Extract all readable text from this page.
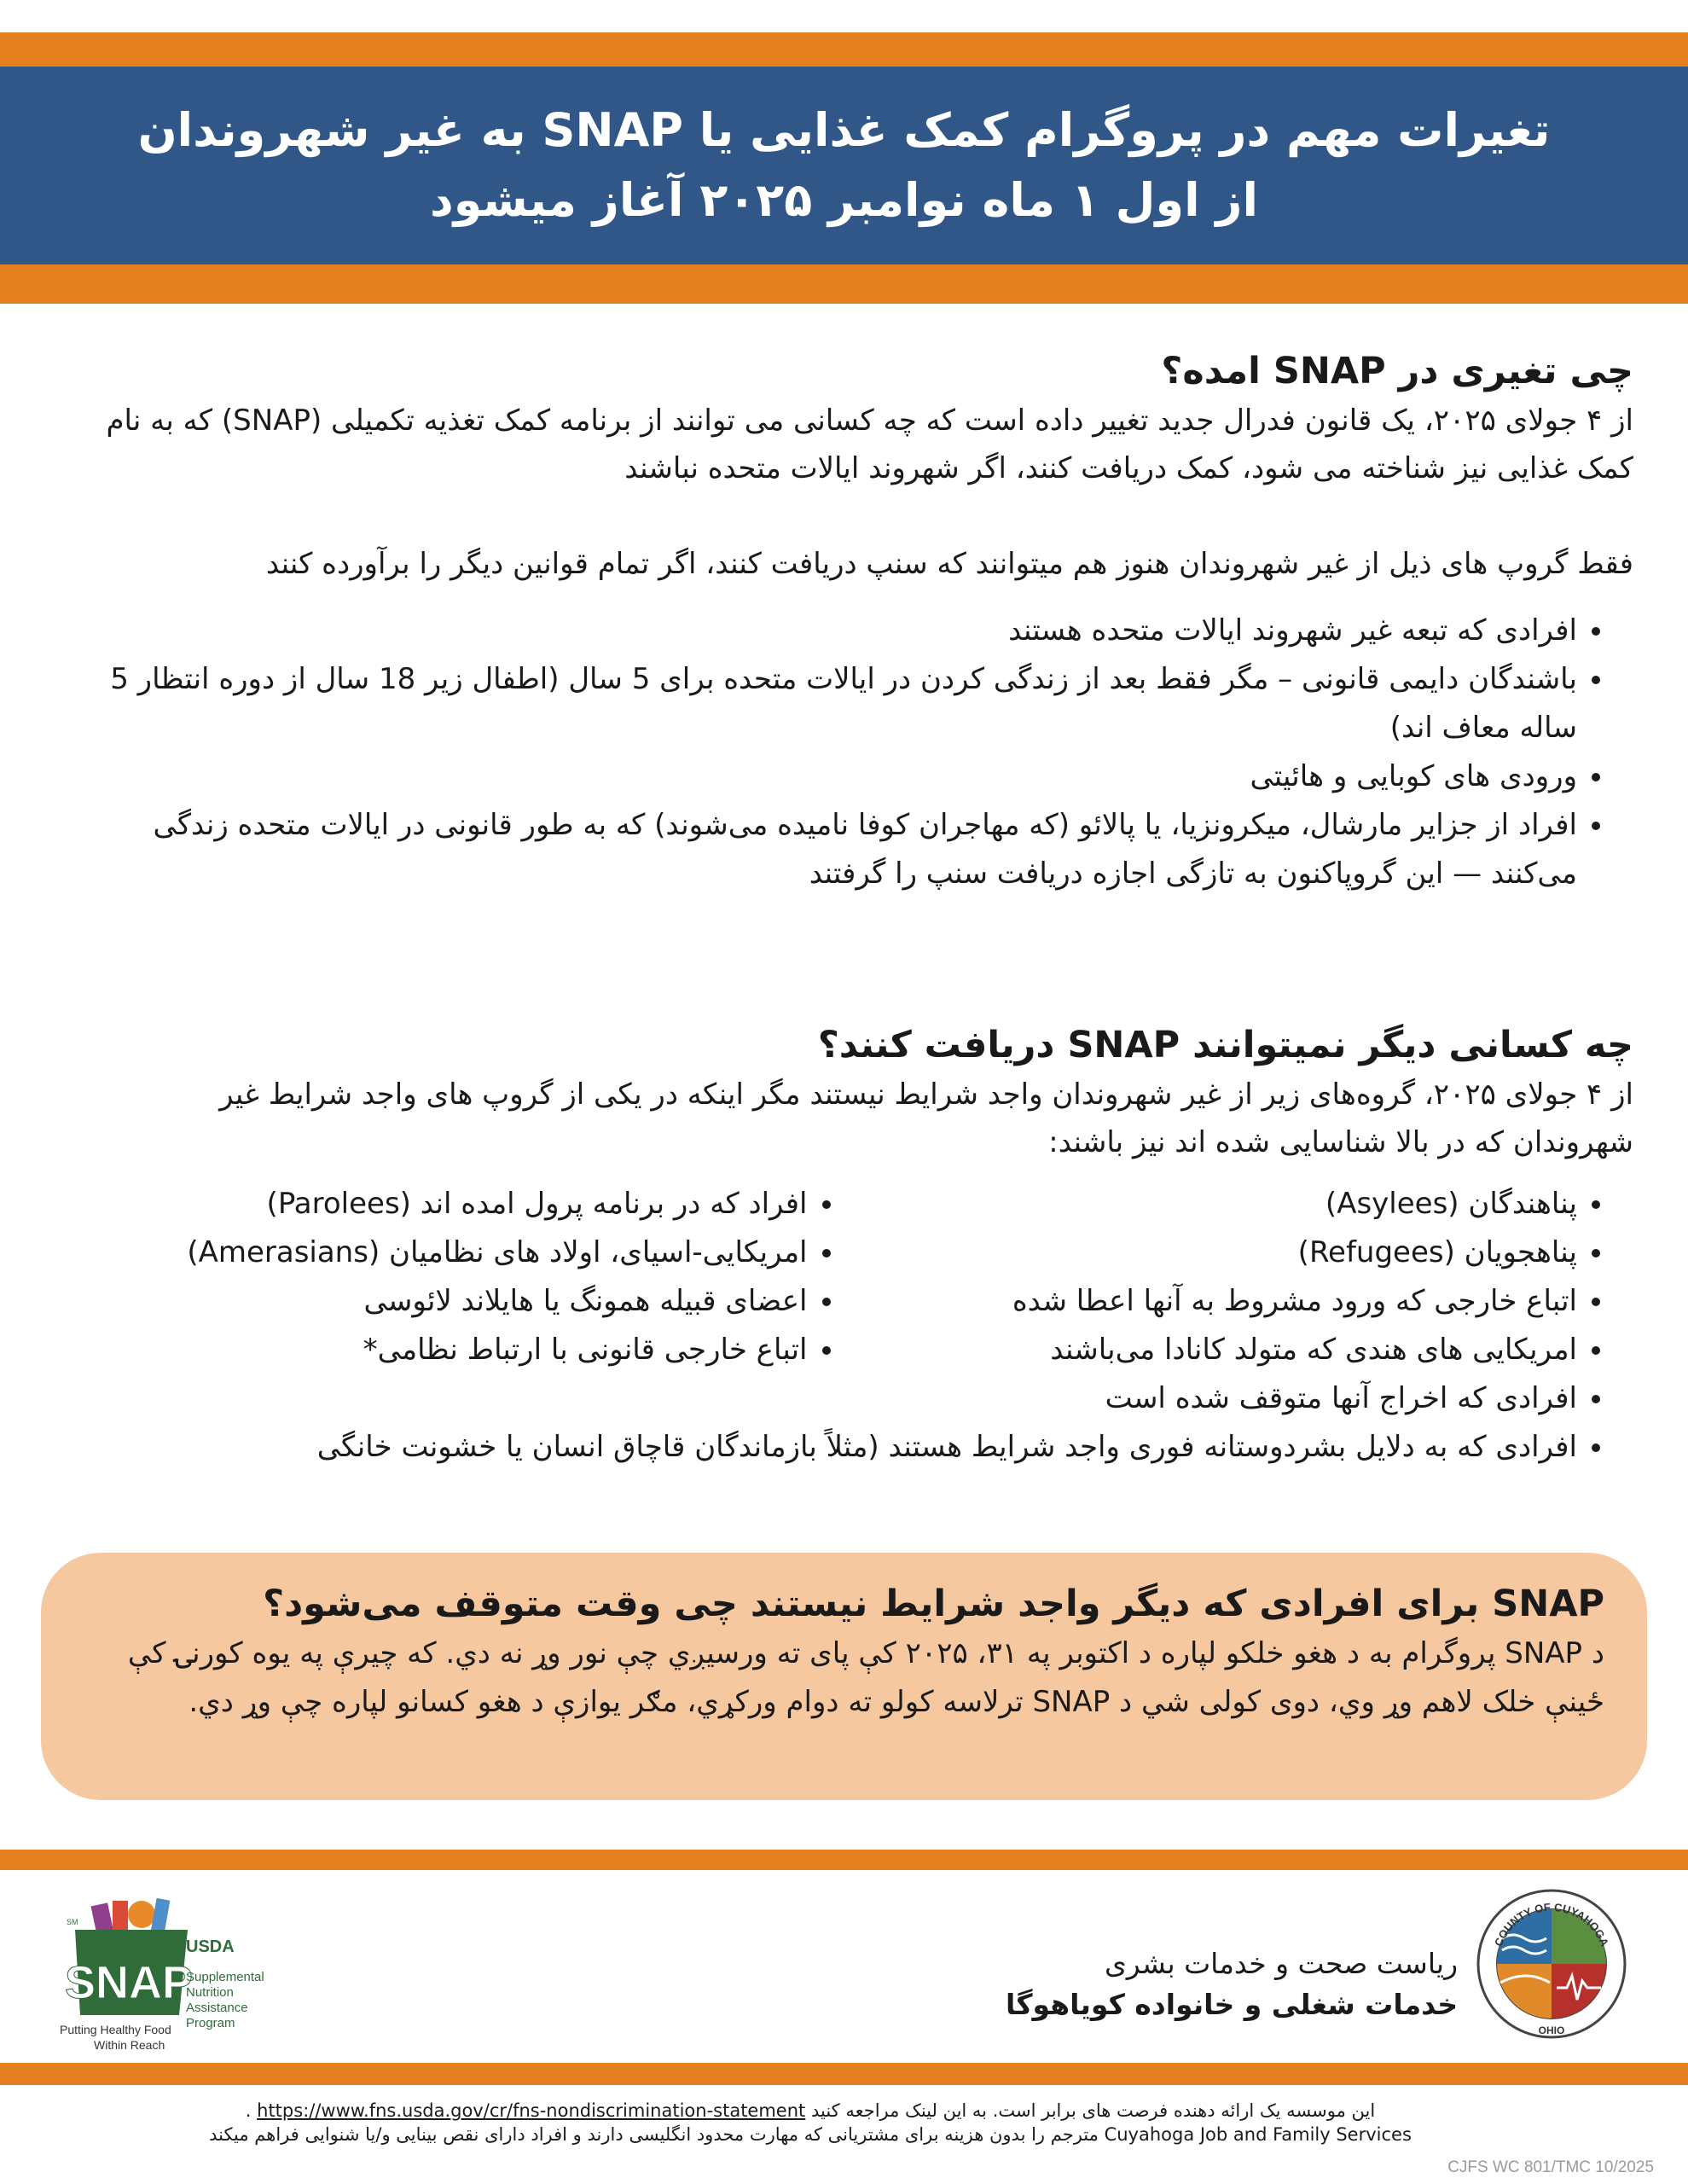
تغیرات مهم در پروگرام کمک غذایی یا SNAP به غیر شهروندان
از اول ۱ ماه نوامبر ۲۰۲۵ آغاز میشود
چی تغیری در SNAP امده؟

از ۴ جولای ۲۰۲۵، یک قانون فدرال جدید تغییر داده است که چه کسانی می توانند از برنامه کمک تغذیه تکمیلی (SNAP) که به نام کمک غذایی نیز شناخته می شود، کمک دریافت کنند، اگر شهروند ایالات متحده نباشند

فقط گروپ های ذیل از غیر شهروندان هنوز هم میتوانند که سنپ دریافت کنند، اگر تمام قوانین دیگر را برآورده کنند

• افرادی که تبعه غیر شهروند ایالات متحده هستند
• باشندگان دایمی قانونی – مگر فقط بعد از زندگی کردن در ایالات متحده برای 5 سال (اطفال زیر 18 سال از دوره انتظار 5 ساله معاف اند)
• ورودی های کوبایی و هائیتی
• افراد از جزایر مارشال، میکرونزیا، یا پالائو (که مهاجران کوفا نامیده می‌شوند) که به طور قانونی در ایالات متحده زندگی می‌کنند — این گروپاکنون به تازگی اجازه دریافت سنپ را گرفتند
چه کسانی دیگر نمیتوانند SNAP دریافت کنند؟

از ۴ جولای ۲۰۲۵، گروه‌های زیر از غیر شهروندان واجد شرایط نیستند مگر اینکه در یکی از گروپ های واجد شرایط غیر شهروندان که در بالا شناسایی شده اند نیز باشند:

• پناهندگان (Asylees)
• پناهجویان (Refugees)
• اتباع خارجی که ورود مشروط به آنها اعطا شده
• امریکایی های هندی که متولد کانادا می‌باشند
• افراد که در برنامه پرول امده اند (Parolees)
• امریکایی-اسیای، اولاد های نظامیان (Amerasians)
• اعضای قبیله همونگ یا هایلاند لائوسی
• اتباع خارجی قانونی با ارتباط نظامی*
• افرادی که اخراج آنها متوقف شده است
• افرادی که به دلایل بشردوستانه فوری واجد شرایط هستند (مثلاً بازماندگان قاچاق انسان یا خشونت خانگی
SNAP برای افرادی که دیگر واجد شرایط نیستند چی وقت متوقف می‌شود؟

د SNAP پروگرام به د هغو خلکو لپاره د اکتوبر په ۳۱، ۲۰۲۵ کې پای ته ورسيږي چې نور وړ نه دي. که چیرې په یوه کورنۍ کې ځینې خلک لاهم وړ وي، دوی کولی شي د SNAP ترلاسه کولو ته دوام ورکړي، مګر یوازې د هغو کسانو لپاره چې وړ دي.

SM
SNAP
USDA
Supplemental
Nutrition
Assistance
Program
Putting Healthy Food
Within Reach
COUNTY OF CUYAHOGA
OHIO
ریاست صحت و خدمات بشری
خدمات شغلی و خانواده کویاهوگا
این موسسه یک ارائه دهنده فرصت های برابر است. به این لینک مراجعه کنید https://www.fns.usda.gov/cr/fns-nondiscrimination-statement .
Cuyahoga Job and Family Services مترجم را بدون هزینه برای مشتریانی که مهارت محدود انگلیسی دارند و افراد دارای نقص بینایی و/یا شنوایی فراهم میکند
CJFS WC 801/TMC 10/2025
